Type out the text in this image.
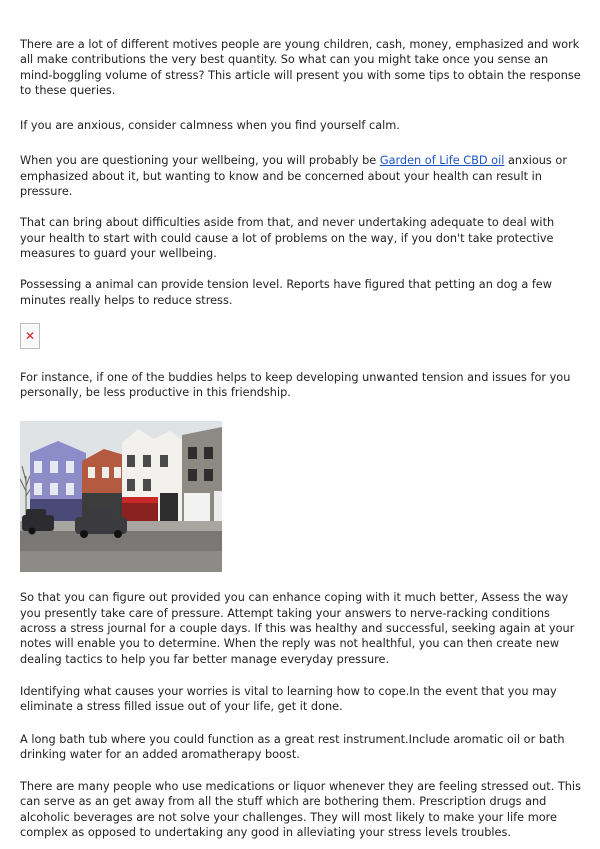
There are a lot of different motives people are young children, cash, money, emphasized and work all make contributions the very best quantity. So what can you might take once you sense an mind-boggling volume of stress? This article will present you with some tips to obtain the response to these queries.

If you are anxious, consider calmness when you find yourself calm.

When you are questioning your wellbeing, you will probably be Garden of Life CBD oil anxious or emphasized about it, but wanting to know and be concerned about your health can result in pressure.

That can bring about difficulties aside from that, and never undertaking adequate to deal with your health to start with could cause a lot of problems on the way, if you don't take protective measures to guard your wellbeing.

Possessing a animal can provide tension level. Reports have figured that petting an dog a few minutes really helps to reduce stress.

✕

For instance, if one of the buddies helps to keep developing unwanted tension and issues for you personally, be less productive in this friendship.

So that you can figure out provided you can enhance coping with it much better, Assess the way you presently take care of pressure. Attempt taking your answers to nerve-racking conditions across a stress journal for a couple days. If this was healthy and successful, seeking again at your notes will enable you to determine. When the reply was not healthful, you can then create new dealing tactics to help you far better manage everyday pressure.

Identifying what causes your worries is vital to learning how to cope.In the event that you may eliminate a stress filled issue out of your life, get it done.

A long bath tub where you could function as a great rest instrument.Include aromatic oil or bath drinking water for an added aromatherapy boost.

There are many people who use medications or liquor whenever they are feeling stressed out. This can serve as an get away from all the stuff which are bothering them. Prescription drugs and alcoholic beverages are not solve your challenges. They will most likely to make your life more complex as opposed to undertaking any good in alleviating your stress levels troubles.
